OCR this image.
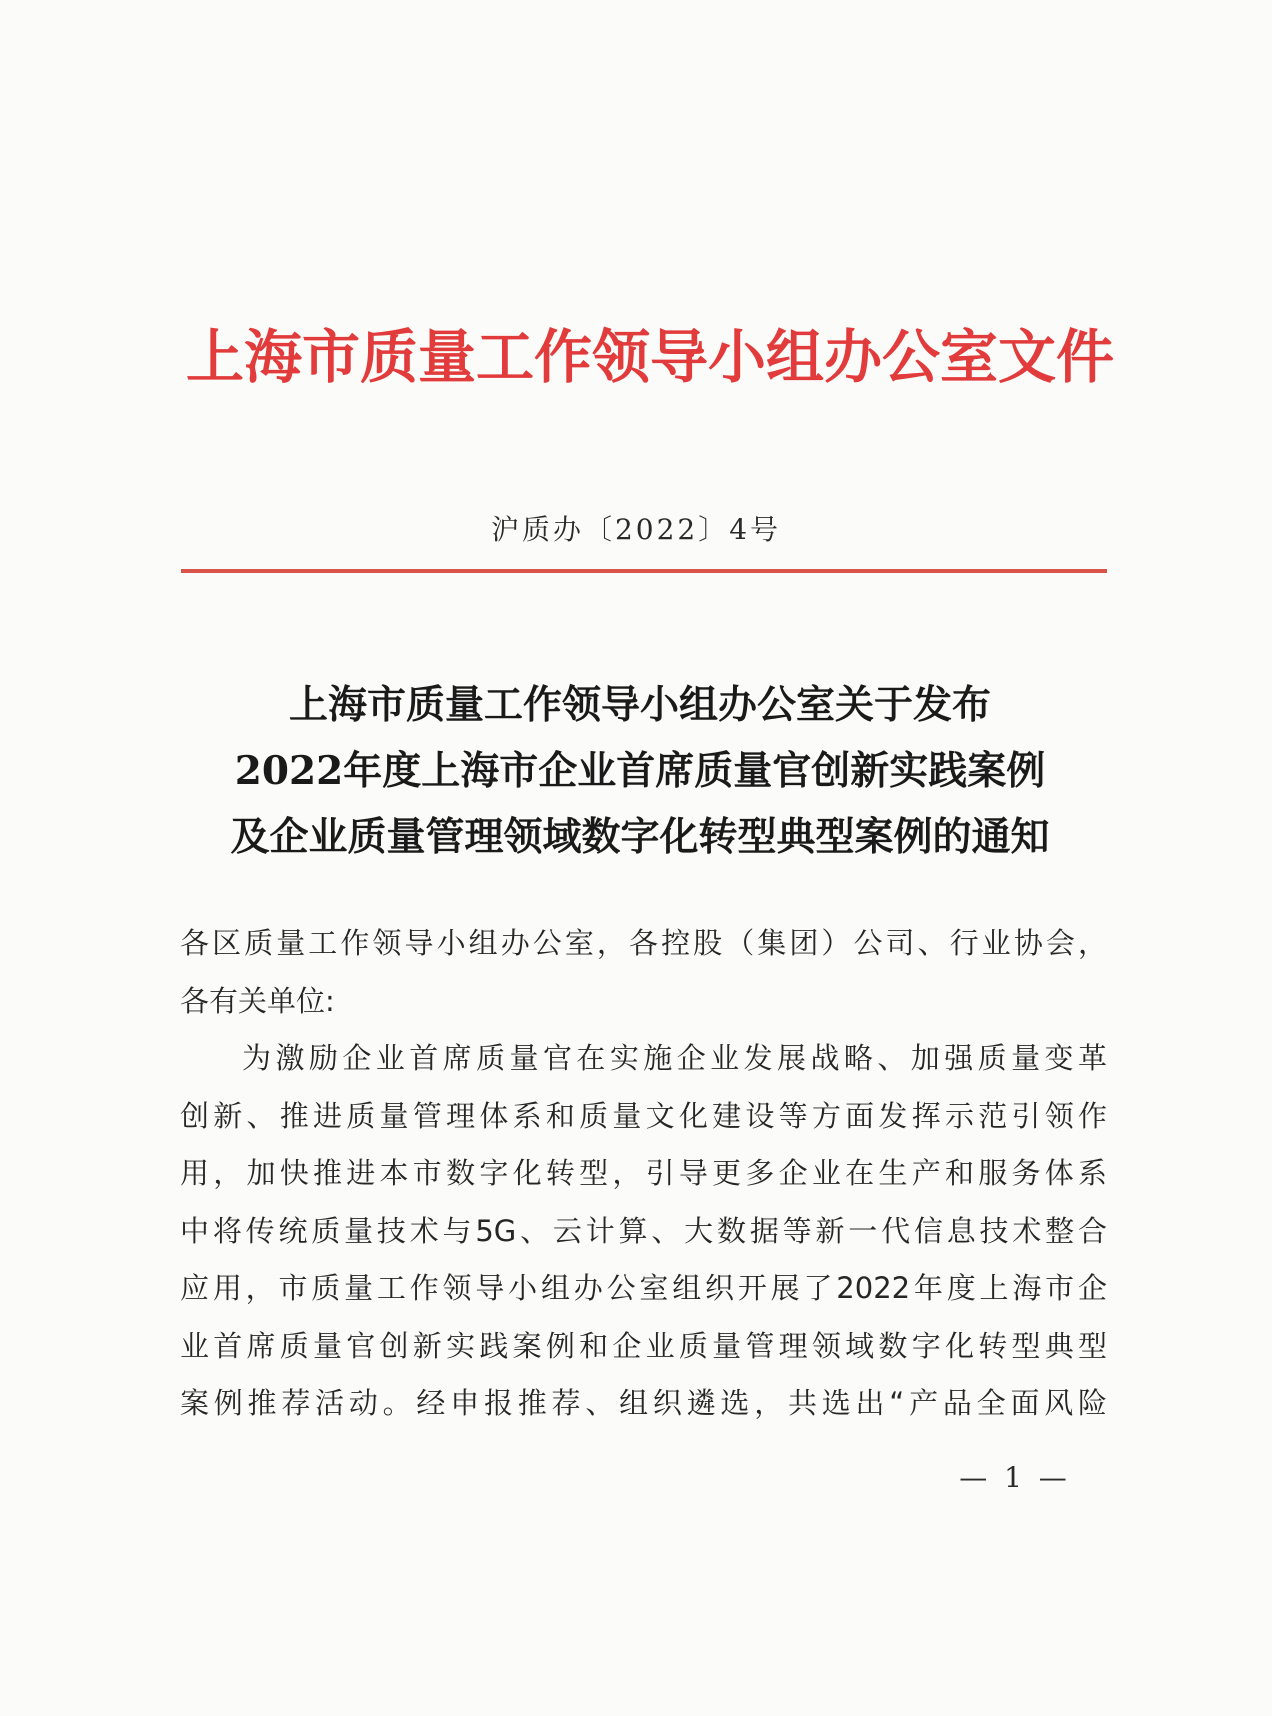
上海市质量工作领导小组办公室文件
沪质办〔2022〕4号
上海市质量工作领导小组办公室关于发布
2022年度上海市企业首席质量官创新实践案例
及企业质量管理领域数字化转型典型案例的通知
各区质量工作领导小组办公室，各控股（集团）公司、行业协会，
各有关单位:
为激励企业首席质量官在实施企业发展战略、加强质量变革
创新、推进质量管理体系和质量文化建设等方面发挥示范引领作
用，加快推进本市数字化转型，引导更多企业在生产和服务体系
中将传统质量技术与5G、云计算、大数据等新一代信息技术整合
应用，市质量工作领导小组办公室组织开展了2022年度上海市企
业首席质量官创新实践案例和企业质量管理领域数字化转型典型
案例推荐活动。经申报推荐、组织遴选，共选出“产品全面风险
— 1 —
